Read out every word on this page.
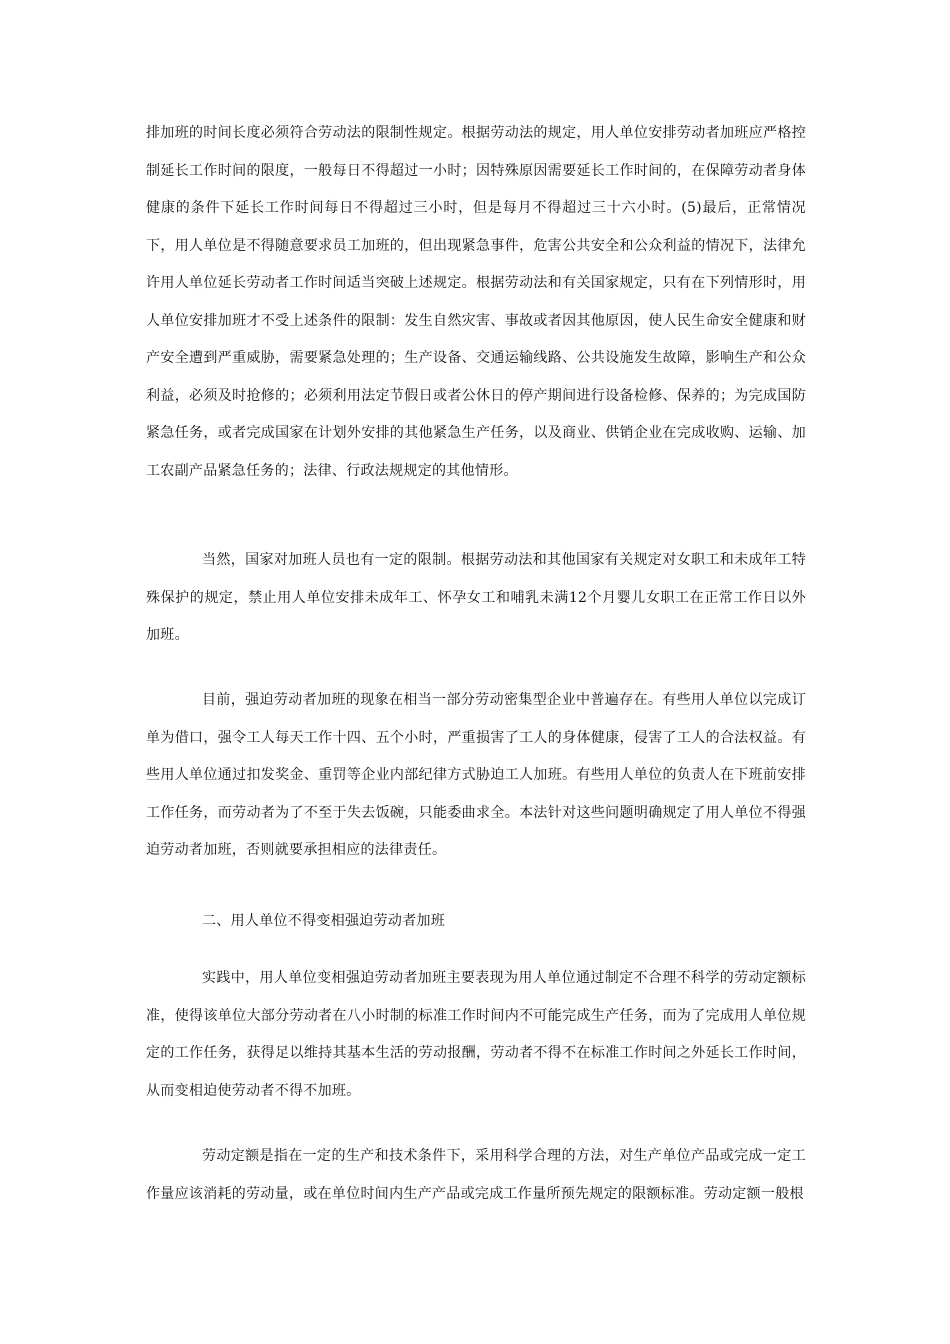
排加班的时间长度必须符合劳动法的限制性规定。根据劳动法的规定，用人单位安排劳动者加班应严格控制延长工作时间的限度，一般每日不得超过一小时；因特殊原因需要延长工作时间的，在保障劳动者身体健康的条件下延长工作时间每日不得超过三小时，但是每月不得超过三十六小时。(5)最后，正常情况下，用人单位是不得随意要求员工加班的，但出现紧急事件，危害公共安全和公众利益的情况下，法律允许用人单位延长劳动者工作时间适当突破上述规定。根据劳动法和有关国家规定，只有在下列情形时，用人单位安排加班才不受上述条件的限制：发生自然灾害、事故或者因其他原因，使人民生命安全健康和财产安全遭到严重威胁，需要紧急处理的；生产设备、交通运输线路、公共设施发生故障，影响生产和公众利益，必须及时抢修的；必须利用法定节假日或者公休日的停产期间进行设备检修、保养的；为完成国防紧急任务，或者完成国家在计划外安排的其他紧急生产任务，以及商业、供销企业在完成收购、运输、加工农副产品紧急任务的；法律、行政法规规定的其他情形。

当然，国家对加班人员也有一定的限制。根据劳动法和其他国家有关规定对女职工和未成年工特殊保护的规定，禁止用人单位安排未成年工、怀孕女工和哺乳未满12个月婴儿女职工在正常工作日以外加班。

目前，强迫劳动者加班的现象在相当一部分劳动密集型企业中普遍存在。有些用人单位以完成订单为借口，强令工人每天工作十四、五个小时，严重损害了工人的身体健康，侵害了工人的合法权益。有些用人单位通过扣发奖金、重罚等企业内部纪律方式胁迫工人加班。有些用人单位的负责人在下班前安排工作任务，而劳动者为了不至于失去饭碗，只能委曲求全。本法针对这些问题明确规定了用人单位不得强迫劳动者加班，否则就要承担相应的法律责任。

二、用人单位不得变相强迫劳动者加班

实践中，用人单位变相强迫劳动者加班主要表现为用人单位通过制定不合理不科学的劳动定额标准，使得该单位大部分劳动者在八小时制的标准工作时间内不可能完成生产任务，而为了完成用人单位规定的工作任务，获得足以维持其基本生活的劳动报酬，劳动者不得不在标准工作时间之外延长工作时间，从而变相迫使劳动者不得不加班。

劳动定额是指在一定的生产和技术条件下，采用科学合理的方法，对生产单位产品或完成一定工作量应该消耗的劳动量，或在单位时间内生产产品或完成工作量所预先规定的限额标准。劳动定额一般根
